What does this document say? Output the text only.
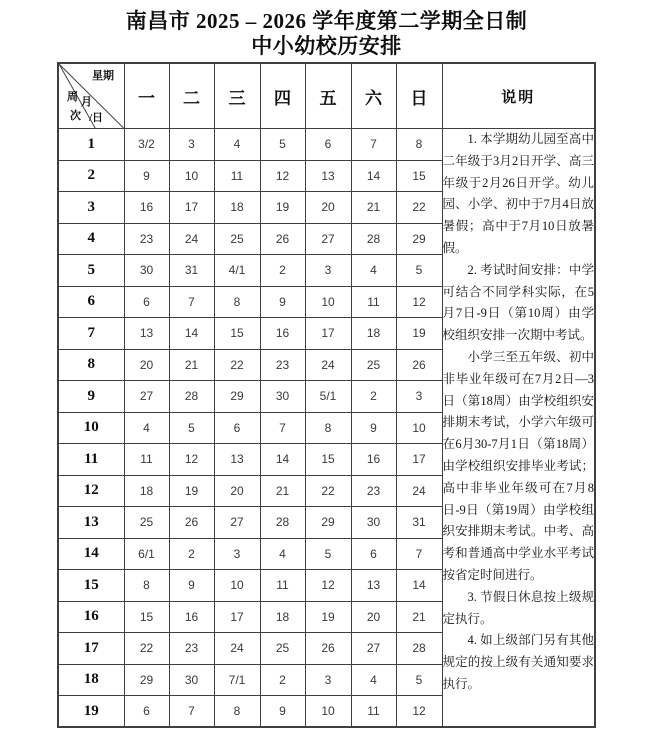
南昌市 2025 – 2026 学年度第二学期全日制
中小幼校历安排
星期
周 月
次 /日	一	二	三	四	五	六	日	说明
1	3/2	3	4	5	6	7	8	1. 本学期幼儿园至高中二年级于3月2日开学、高三年级于2月26日开学。幼儿园、小学、初中于7月4日放暑假；高中于7月10日放暑假。

2. 考试时间安排：中学可结合不同学科实际，在5月7日-9日（第10周）由学校组织安排一次期中考试。

小学三至五年级、初中非毕业年级可在7月2日—3日（第18周）由学校组织安排期末考试，小学六年级可在6月30-7月1日（第18周）由学校组织安排毕业考试；高中非毕业年级可在7月8日-9日（第19周）由学校组织安排期末考试。中考、高考和普通高中学业水平考试按省定时间进行。

3. 节假日休息按上级规定执行。

4. 如上级部门另有其他规定的按上级有关通知要求执行。

2	9	10	11	12	13	14	15	
3	16	17	18	19	20	21	22	
4	23	24	25	26	27	28	29	
5	30	31	4/1	2	3	4	5	
6	6	7	8	9	10	11	12	
7	13	14	15	16	17	18	19	
8	20	21	22	23	24	25	26	
9	27	28	29	30	5/1	2	3	
10	4	5	6	7	8	9	10	
11	11	12	13	14	15	16	17	
12	18	19	20	21	22	23	24	
13	25	26	27	28	29	30	31	
14	6/1	2	3	4	5	6	7	
15	8	9	10	11	12	13	14	
16	15	16	17	18	19	20	21	
17	22	23	24	25	26	27	28	
18	29	30	7/1	2	3	4	5	
19	6	7	8	9	10	11	12	
